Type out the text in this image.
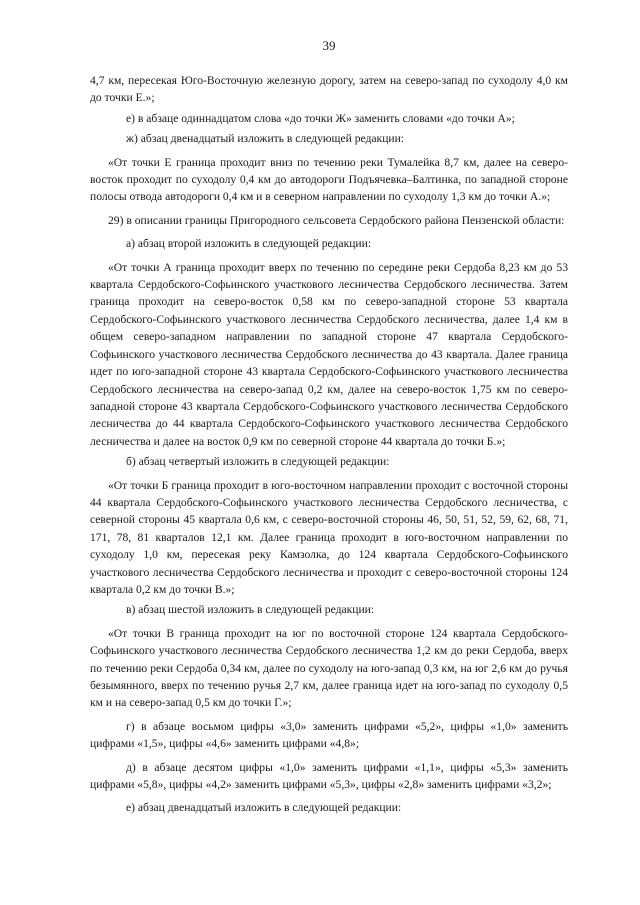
39

4,7 км, пересекая Юго-Восточную железную дорогу, затем на северо-запад по суходолу 4,0 км до точки Е.»;

е) в абзаце одиннадцатом слова «до точки Ж» заменить словами «до точки А»;

ж) абзац двенадцатый изложить в следующей редакции:

«От точки Е граница проходит вниз по течению реки Тумалейка 8,7 км, далее на северо-восток проходит по суходолу 0,4 км до автодороги Подъячевка–Балтинка, по западной стороне полосы отвода автодороги 0,4 км и в северном направлении по суходолу 1,3 км до точки А.»;

29) в описании границы Пригородного сельсовета Сердобского района Пензенской области:

а) абзац второй изложить в следующей редакции:

«От точки А граница проходит вверх по течению по середине реки Сердоба 8,23 км до 53 квартала Сердобского-Софьинского участкового лесничества Сердобского лесничества. Затем граница проходит на северо-восток 0,58 км по северо-западной стороне 53 квартала Сердобского-Софьинского участкового лесничества Сердобского лесничества, далее 1,4 км в общем северо-западном направлении по западной стороне 47 квартала Сердобского-Софьинского участкового лесничества Сердобского лесничества до 43 квартала. Далее граница идет по юго-западной стороне 43 квартала Сердобского-Софьинского участкового лесничества Сердобского лесничества на северо-запад 0,2 км, далее на северо-восток 1,75 км по северо-западной стороне 43 квартала Сердобского-Софьинского участкового лесничества Сердобского лесничества до 44 квартала Сердобского-Софьинского участкового лесничества Сердобского лесничества и далее на восток 0,9 км по северной стороне 44 квартала до точки Б.»;

б) абзац четвертый изложить в следующей редакции:

«От точки Б граница проходит в юго-восточном направлении проходит с восточной стороны 44 квартала Сердобского-Софьинского участкового лесничества Сердобского лесничества, с северной стороны 45 квартала 0,6 км, с северо-восточной стороны 46, 50, 51, 52, 59, 62, 68, 71, 171, 78, 81 кварталов 12,1 км. Далее граница проходит в юго-восточном направлении по суходолу 1,0 км, пересекая реку Камзолка, до 124 квартала Сердобского-Софьинского участкового лесничества Сердобского лесничества и проходит с северо-восточной стороны 124 квартала 0,2 км до точки В.»;

в) абзац шестой изложить в следующей редакции:

«От точки В граница проходит на юг по восточной стороне 124 квартала Сердобского-Софьинского участкового лесничества Сердобского лесничества 1,2 км до реки Сердоба, вверх по течению реки Сердоба 0,34 км, далее по суходолу на юго-запад 0,3 км, на юг 2,6 км до ручья безымянного, вверх по течению ручья 2,7 км, далее граница идет на юго-запад по суходолу 0,5 км и на северо-запад 0,5 км до точки Г.»;

г) в абзаце восьмом цифры «3,0» заменить цифрами «5,2», цифры «1,0» заменить цифрами «1,5», цифры «4,6» заменить цифрами «4,8»;

д) в абзаце десятом цифры «1,0» заменить цифрами «1,1», цифры «5,3» заменить цифрами «5,8», цифры «4,2» заменить цифрами «5,3», цифры «2,8» заменить цифрами «3,2»;

е) абзац двенадцатый изложить в следующей редакции:
